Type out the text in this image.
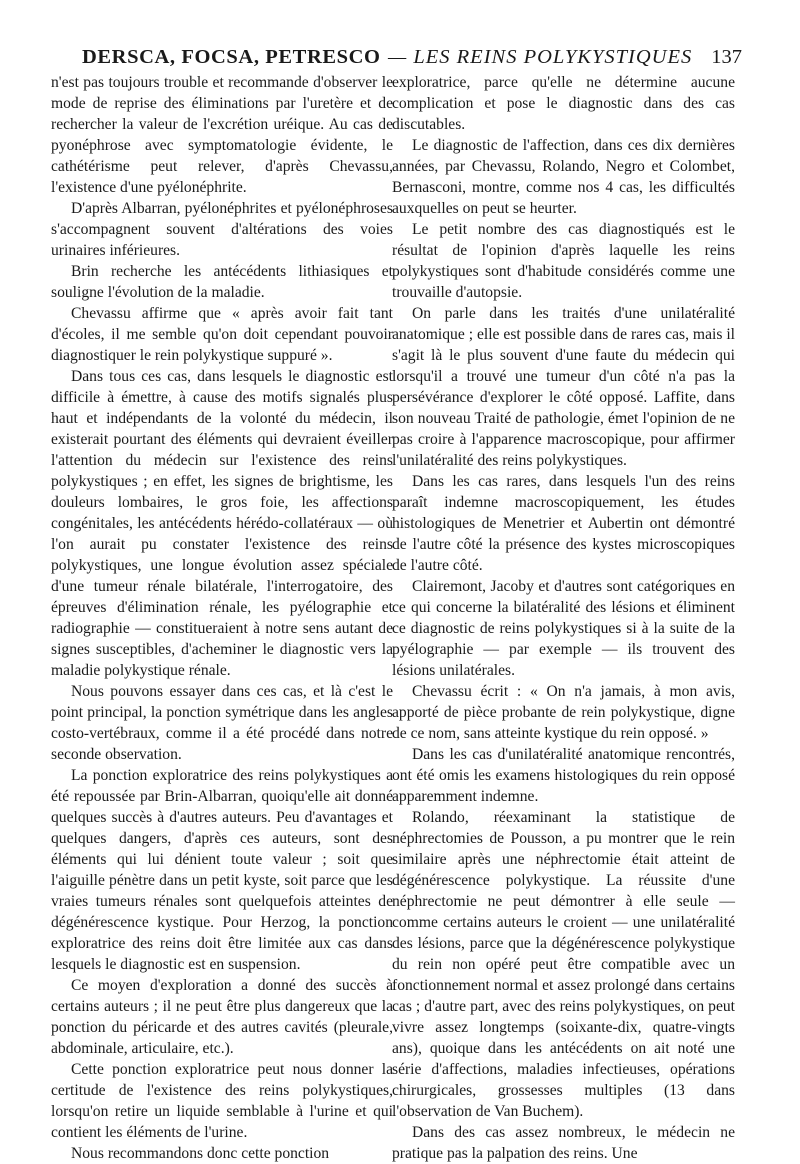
DERSCA, FOCSA, PETRESCO — LES REINS POLYKYSTIQUES 137

n'est pas toujours trouble et recommande d'observer le mode de reprise des éliminations par l'uretère et de rechercher la valeur de l'excrétion uréique. Au cas de pyonéphrose avec symptomatologie évidente, le cathétérisme peut relever, d'après Chevassu, l'existence d'une pyélonéphrite.

D'après Albarran, pyélonéphrites et pyélonéphroses s'accompagnent souvent d'altérations des voies urinaires inférieures.

Brin recherche les antécédents lithiasiques et souligne l'évolution de la maladie.

Chevassu affirme que « après avoir fait tant d'écoles, il me semble qu'on doit cependant pouvoir diagnostiquer le rein polykystique suppuré ».

Dans tous ces cas, dans lesquels le diagnostic est difficile à émettre, à cause des motifs signalés plus haut et indépendants de la volonté du médecin, il existerait pourtant des éléments qui devraient éveiller l'attention du médecin sur l'existence des reins polykystiques ; en effet, les signes de brightisme, les douleurs lombaires, le gros foie, les affections congénitales, les antécédents hérédo-collatéraux — où l'on aurait pu constater l'existence des reins polykystiques, une longue évolution assez spéciale d'une tumeur rénale bilatérale, l'interrogatoire, des épreuves d'élimination rénale, les pyélographie et radiographie — constitueraient à notre sens autant de signes susceptibles, d'acheminer le diagnostic vers la maladie polykystique rénale.

Nous pouvons essayer dans ces cas, et là c'est le point principal, la ponction symétrique dans les angles costo-vertébraux, comme il a été procédé dans notre seconde observation.

La ponction exploratrice des reins polykystiques a été repoussée par Brin-Albarran, quoiqu'elle ait donné quelques succès à d'autres auteurs. Peu d'avantages et quelques dangers, d'après ces auteurs, sont des éléments qui lui dénient toute valeur ; soit que l'aiguille pénètre dans un petit kyste, soit parce que les vraies tumeurs rénales sont quelquefois atteintes de dégénérescence kystique. Pour Herzog, la ponction exploratrice des reins doit être limitée aux cas dans lesquels le diagnostic est en suspension.

Ce moyen d'exploration a donné des succès à certains auteurs ; il ne peut être plus dangereux que la ponction du péricarde et des autres cavités (pleurale, abdominale, articulaire, etc.).

Cette ponction exploratrice peut nous donner la certitude de l'existence des reins polykystiques, lorsqu'on retire un liquide semblable à l'urine et qui contient les éléments de l'urine.

Nous recommandons donc cette ponction

exploratrice, parce qu'elle ne détermine aucune complication et pose le diagnostic dans des cas discutables.

Le diagnostic de l'affection, dans ces dix dernières années, par Chevassu, Rolando, Negro et Colombet, Bernasconi, montre, comme nos 4 cas, les difficultés auxquelles on peut se heurter.

Le petit nombre des cas diagnostiqués est le résultat de l'opinion d'après laquelle les reins polykystiques sont d'habitude considérés comme une trouvaille d'autopsie.

On parle dans les traités d'une unilatéralité anatomique ; elle est possible dans de rares cas, mais il s'agit là le plus souvent d'une faute du médecin qui lorsqu'il a trouvé une tumeur d'un côté n'a pas la persévérance d'explorer le côté opposé. Laffite, dans son nouveau Traité de pathologie, émet l'opinion de ne pas croire à l'apparence macroscopique, pour affirmer l'unilatéralité des reins polykystiques.

Dans les cas rares, dans lesquels l'un des reins paraît indemne macroscopiquement, les études histologiques de Menetrier et Aubertin ont démontré de l'autre côté la présence des kystes microscopiques de l'autre côté.

Clairemont, Jacoby et d'autres sont catégoriques en ce qui concerne la bilatéralité des lésions et éliminent ce diagnostic de reins polykystiques si à la suite de la pyélographie — par exemple — ils trouvent des lésions unilatérales.

Chevassu écrit : « On n'a jamais, à mon avis, apporté de pièce probante de rein polykystique, digne de ce nom, sans atteinte kystique du rein opposé. »

Dans les cas d'unilatéralité anatomique rencontrés, ont été omis les examens histologiques du rein opposé apparemment indemne.

Rolando, réexaminant la statistique de néphrectomies de Pousson, a pu montrer que le rein similaire après une néphrectomie était atteint de dégénérescence polykystique. La réussite d'une néphrectomie ne peut démontrer à elle seule — comme certains auteurs le croient — une unilatéralité des lésions, parce que la dégénérescence polykystique du rein non opéré peut être compatible avec un fonctionnement normal et assez prolongé dans certains cas ; d'autre part, avec des reins polykystiques, on peut vivre assez longtemps (soixante-dix, quatre-vingts ans), quoique dans les antécédents on ait noté une série d'affections, maladies infectieuses, opérations chirurgicales, grossesses multiples (13 dans l'observation de Van Buchem).

Dans des cas assez nombreux, le médecin ne pratique pas la palpation des reins. Une
